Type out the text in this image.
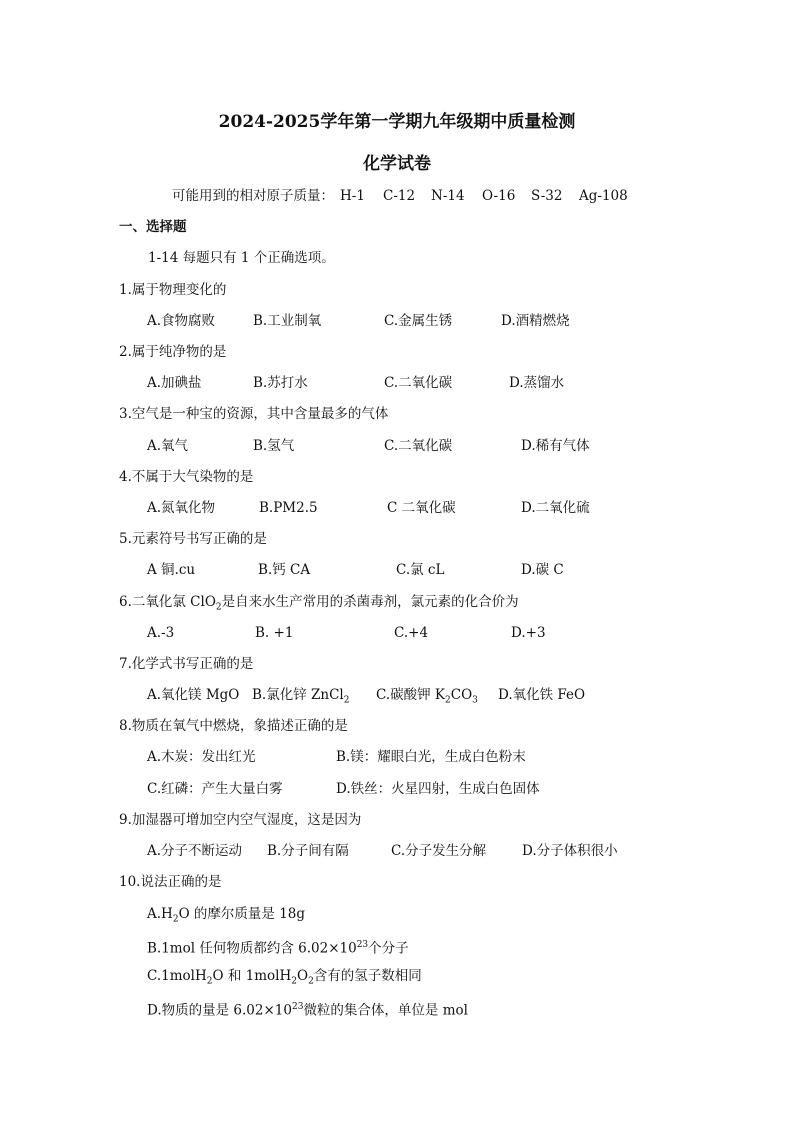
2024-2025学年第一学期九年级期中质量检测
化学试卷
可能用到的相对原子质量： H-1 C-12 N-14 O-16 S-32 Ag-108
一、选择题
1-14 每题只有 1 个正确选项。
1.属于物理变化的
A.食物腐败	B.工业制氧	C.金属生锈	D.酒精燃烧
2.属于纯净物的是
A.加碘盐	B.苏打水	C.二氧化碳	D.蒸馏水
3.空气是一种宝的资源，其中含量最多的气体
A.氧气	B.氢气	C.二氧化碳	D.稀有气体
4.不属于大气染物的是
A.氮氧化物	B.PM2.5	C 二氧化碳	D.二氧化硫
5.元素符号书写正确的是
A 铜.cu	B.钙 CA	C.氯 cL	D.碳 C
6.二氧化氯 ClO$_2$是自来水生产常用的杀菌毒剂，氯元素的化合价为
A.-3	B. +1	C.+4	D.+3
7.化学式书写正确的是
A.氧化镁 MgO B.氯化锌 ZnCl$_2$ C.碳酸钾 $K_2CO_3$ D.氧化铁 FeO
8.物质在氧气中燃烧，象描述正确的是
A.木炭：发出红光	B.镁：耀眼白光，生成白色粉末
C.红磷：产生大量白雾	D.铁丝：火星四射，生成白色固体
9.加湿器可增加空内空气湿度，这是因为
A.分子不断运动 B.分子间有隔	C.分子发生分解	D.分子体积很小
10.说法正确的是
$A.H_2O$ 的摩尔质量是 18g
B.1mol 任何物质都约含 $6.02\times 10^{23}$个分子
C.1molH$_2$O 和 $1molH_2O_2$含有的氢子数相同
D.物质的量是 $6.02\times 10^{23}$微粒的集合体，单位是 mol
